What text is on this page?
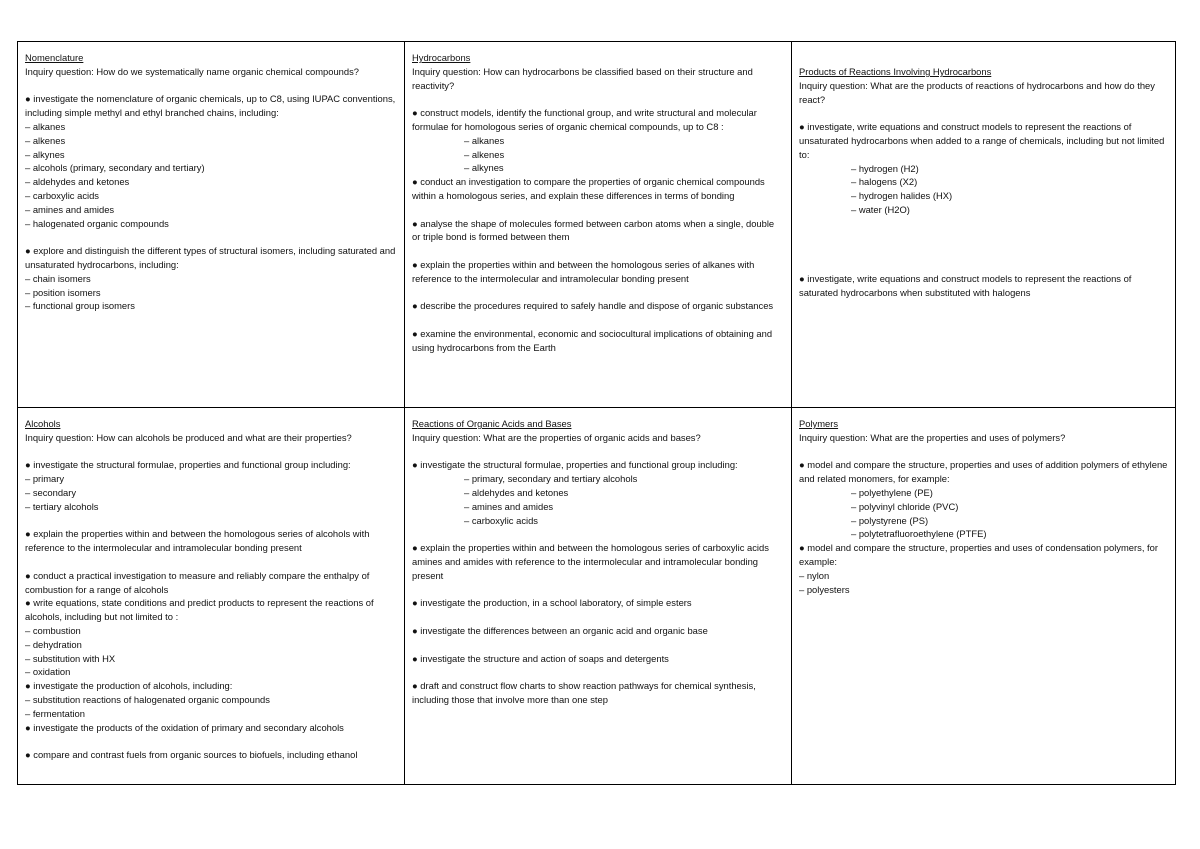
Nomenclature
Inquiry question: How do we systematically name organic chemical compounds?
● investigate the nomenclature of organic chemicals, up to C8, using IUPAC conventions, including simple methyl and ethyl branched chains, including:
– alkanes
– alkenes
– alkynes
– alcohols (primary, secondary and tertiary)
– aldehydes and ketones
– carboxylic acids
– amines and amides
– halogenated organic compounds
● explore and distinguish the different types of structural isomers, including saturated and unsaturated hydrocarbons, including:
– chain isomers
– position isomers
– functional group isomers
Hydrocarbons
Inquiry question: How can hydrocarbons be classified based on their structure and reactivity?
● construct models, identify the functional group, and write structural and molecular formulae for homologous series of organic chemical compounds, up to C8 :
– alkanes
– alkenes
– alkynes
● conduct an investigation to compare the properties of organic chemical compounds within a homologous series, and explain these differences in terms of bonding
● analyse the shape of molecules formed between carbon atoms when a single, double or triple bond is formed between them
● explain the properties within and between the homologous series of alkanes with reference to the intermolecular and intramolecular bonding present
● describe the procedures required to safely handle and dispose of organic substances
● examine the environmental, economic and sociocultural implications of obtaining and using hydrocarbons from the Earth
Products of Reactions Involving Hydrocarbons
Inquiry question: What are the products of reactions of hydrocarbons and how do they react?
● investigate, write equations and construct models to represent the reactions of unsaturated hydrocarbons when added to a range of chemicals, including but not limited to:
– hydrogen (H2)
– halogens (X2)
– hydrogen halides (HX)
– water (H2O)
● investigate, write equations and construct models to represent the reactions of saturated hydrocarbons when substituted with halogens
Alcohols
Inquiry question: How can alcohols be produced and what are their properties?
● investigate the structural formulae, properties and functional group including:
– primary
– secondary
– tertiary alcohols
● explain the properties within and between the homologous series of alcohols with reference to the intermolecular and intramolecular bonding present
● conduct a practical investigation to measure and reliably compare the enthalpy of combustion for a range of alcohols
● write equations, state conditions and predict products to represent the reactions of alcohols, including but not limited to :
– combustion
– dehydration
– substitution with HX
– oxidation
● investigate the production of alcohols, including:
– substitution reactions of halogenated organic compounds
– fermentation
● investigate the products of the oxidation of primary and secondary alcohols
● compare and contrast fuels from organic sources to biofuels, including ethanol
Reactions of Organic Acids and Bases
Inquiry question: What are the properties of organic acids and bases?
● investigate the structural formulae, properties and functional group including:
– primary, secondary and tertiary alcohols
– aldehydes and ketones
– amines and amides
– carboxylic acids
● explain the properties within and between the homologous series of carboxylic acids amines and amides with reference to the intermolecular and intramolecular bonding present
● investigate the production, in a school laboratory, of simple esters
● investigate the differences between an organic acid and organic base
● investigate the structure and action of soaps and detergents
● draft and construct flow charts to show reaction pathways for chemical synthesis, including those that involve more than one step
Polymers
Inquiry question: What are the properties and uses of polymers?
● model and compare the structure, properties and uses of addition polymers of ethylene and related monomers, for example:
– polyethylene (PE)
– polyvinyl chloride (PVC)
– polystyrene (PS)
– polytetrafluoroethylene (PTFE)
● model and compare the structure, properties and uses of condensation polymers, for example:
– nylon
– polyesters
